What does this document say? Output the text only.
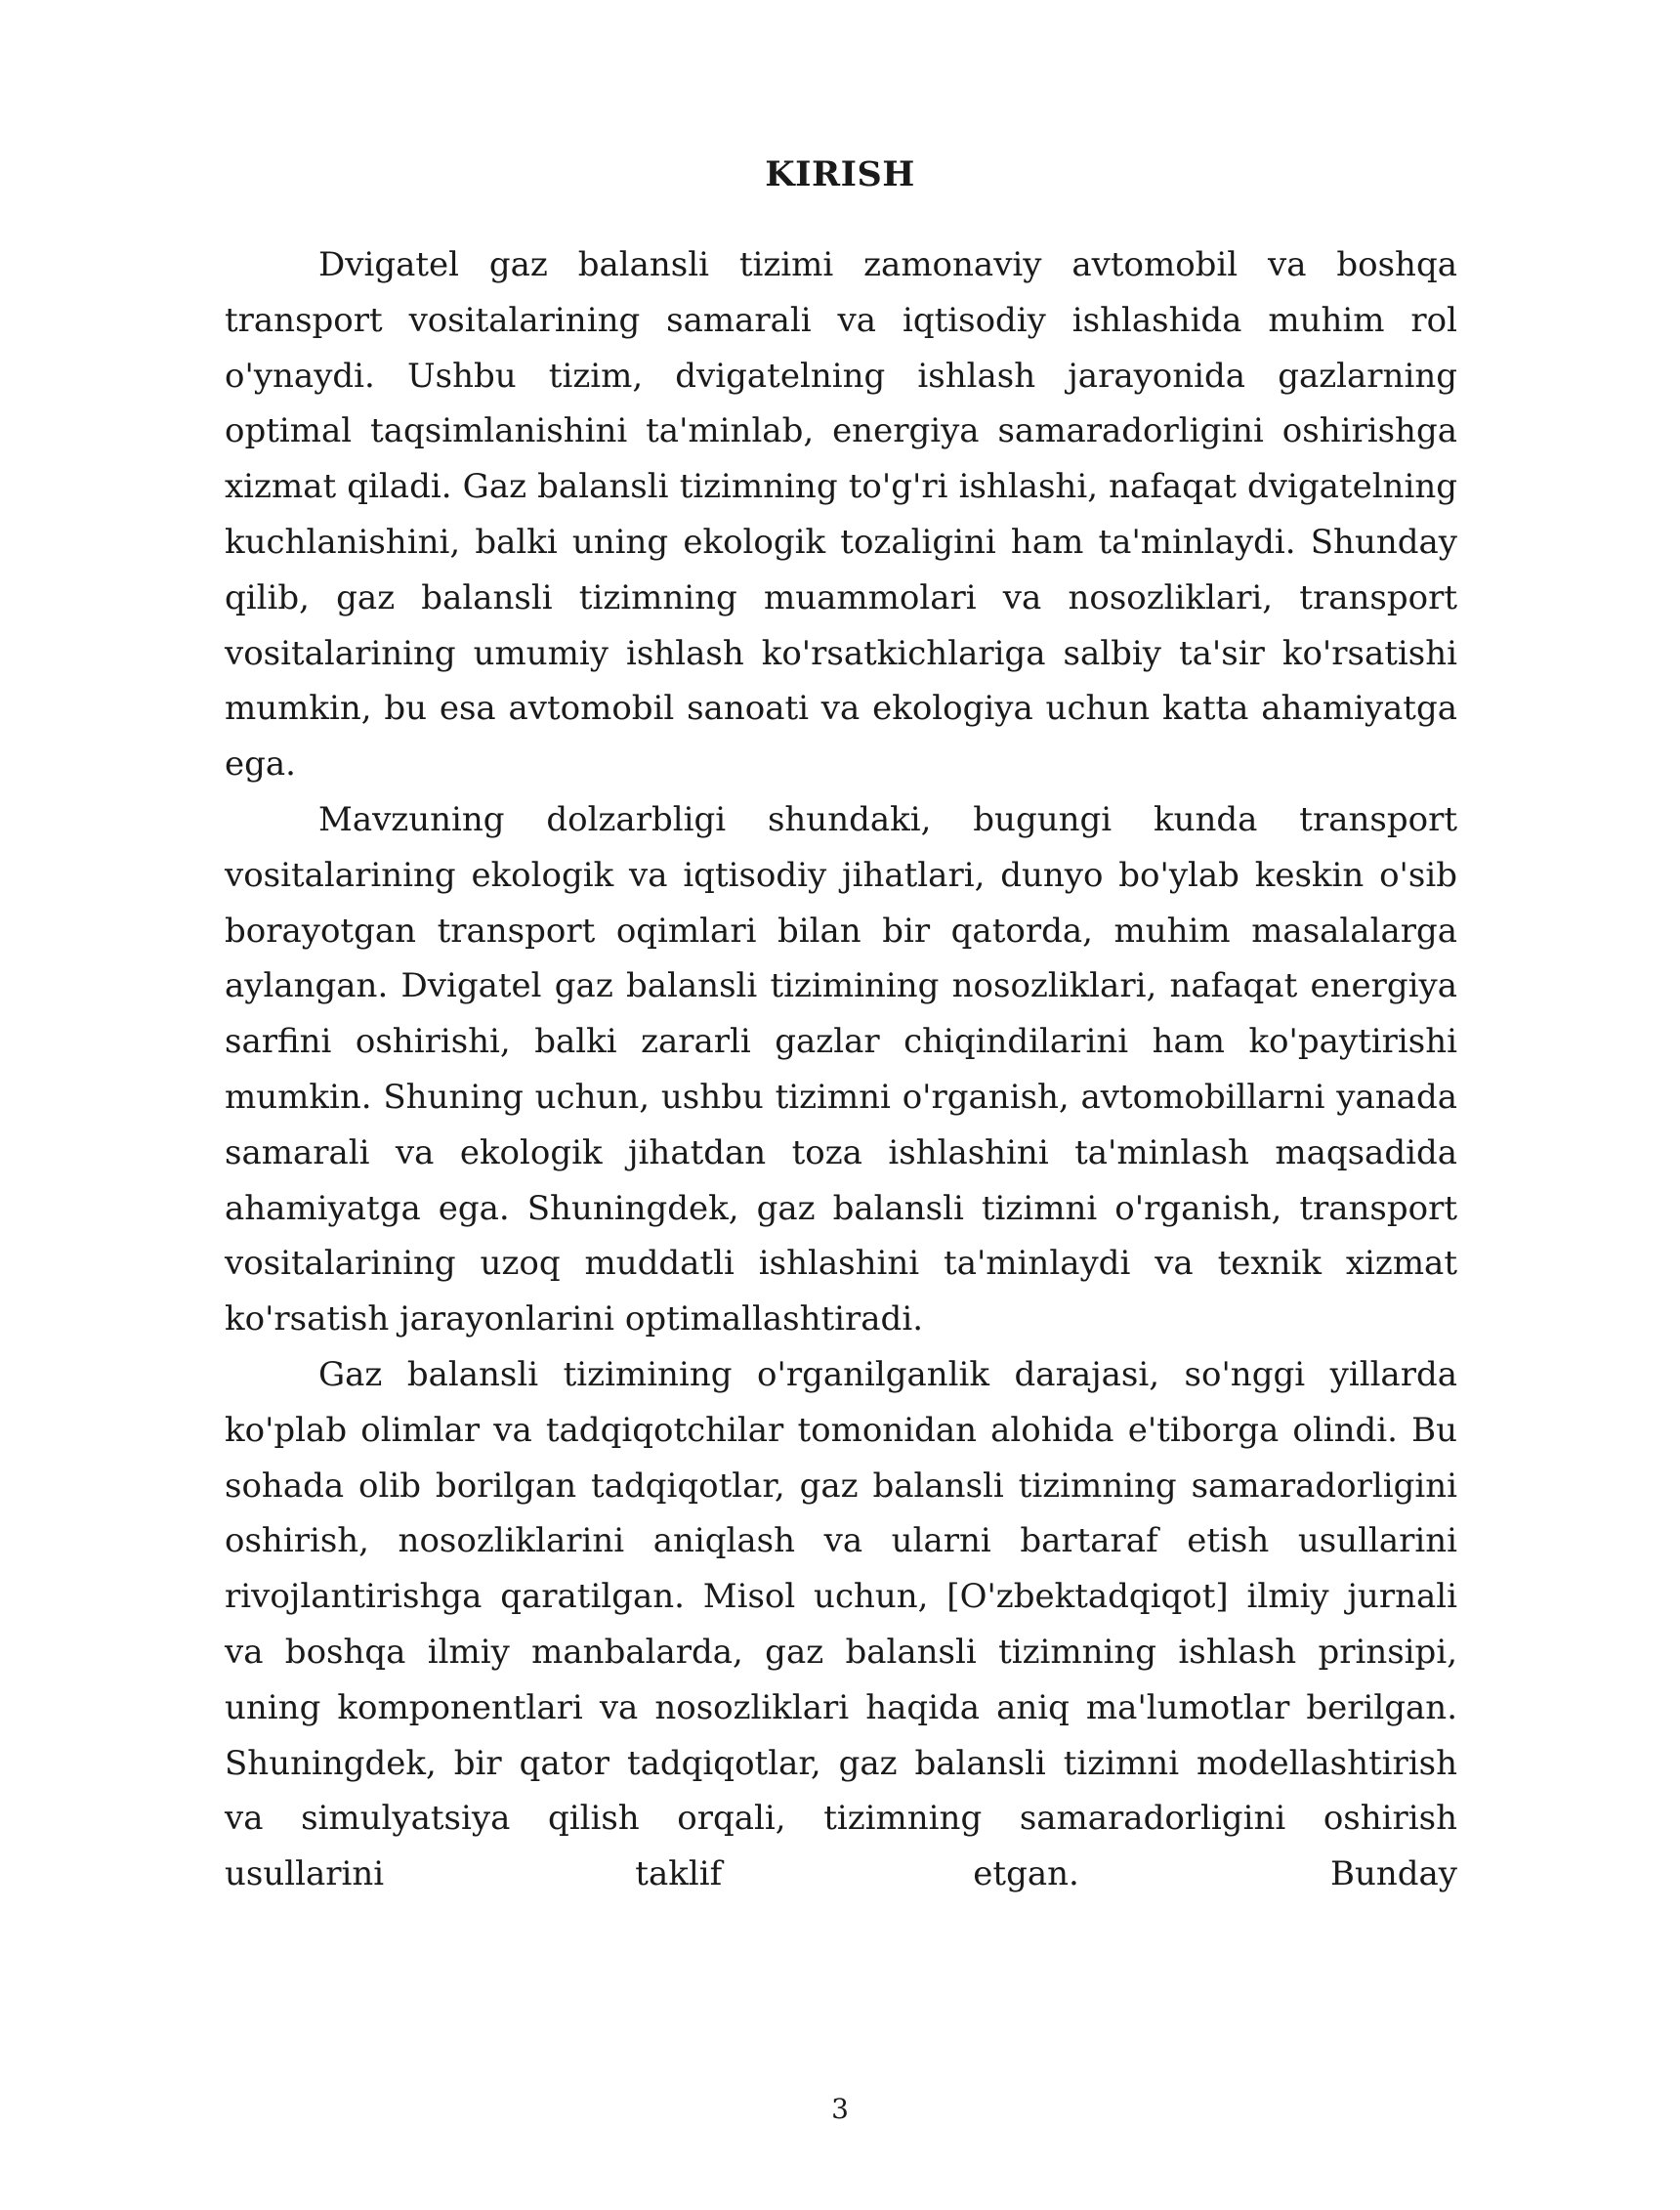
KIRISH

Dvigatel gaz balansli tizimi zamonaviy avtomobil va boshqa transport vositalarining samarali va iqtisodiy ishlashida muhim rol o'ynaydi. Ushbu tizim, dvigatelning ishlash jarayonida gazlarning optimal taqsimlanishini ta'minlab, energiya samaradorligini oshirishga xizmat qiladi. Gaz balansli tizimning to'g'ri ishlashi, nafaqat dvigatelning kuchlanishini, balki uning ekologik tozaligini ham ta'minlaydi. Shunday qilib, gaz balansli tizimning muammolari va nosozliklari, transport vositalarining umumiy ishlash ko'rsatkichlariga salbiy ta'sir ko'rsatishi mumkin, bu esa avtomobil sanoati va ekologiya uchun katta ahamiyatga ega.

Mavzuning dolzarbligi shundaki, bugungi kunda transport vositalarining ekologik va iqtisodiy jihatlari, dunyo bo'ylab keskin o'sib borayotgan transport oqimlari bilan bir qatorda, muhim masalalarga aylangan. Dvigatel gaz balansli tizimining nosozliklari, nafaqat energiya sarfini oshirishi, balki zararli gazlar chiqindilarini ham ko'paytirishi mumkin. Shuning uchun, ushbu tizimni o'rganish, avtomobillarni yanada samarali va ekologik jihatdan toza ishlashini ta'minlash maqsadida ahamiyatga ega. Shuningdek, gaz balansli tizimni o'rganish, transport vositalarining uzoq muddatli ishlashini ta'minlaydi va texnik xizmat ko'rsatish jarayonlarini optimallashtiradi.

Gaz balansli tizimining o'rganilganlik darajasi, so'nggi yillarda ko'plab olimlar va tadqiqotchilar tomonidan alohida e'tiborga olindi. Bu sohada olib borilgan tadqiqotlar, gaz balansli tizimning samaradorligini oshirish, nosozliklarini aniqlash va ularni bartaraf etish usullarini rivojlantirishga qaratilgan. Misol uchun, [O'zbektadqiqot] ilmiy jurnali va boshqa ilmiy manbalarda, gaz balansli tizimning ishlash prinsipi, uning komponentlari va nosozliklari haqida aniq ma'lumotlar berilgan. Shuningdek, bir qator tadqiqotlar, gaz balansli tizimni modellashtirish va simulyatsiya qilish orqali, tizimning samaradorligini oshirish usullarini taklif etgan. Bunday

3
